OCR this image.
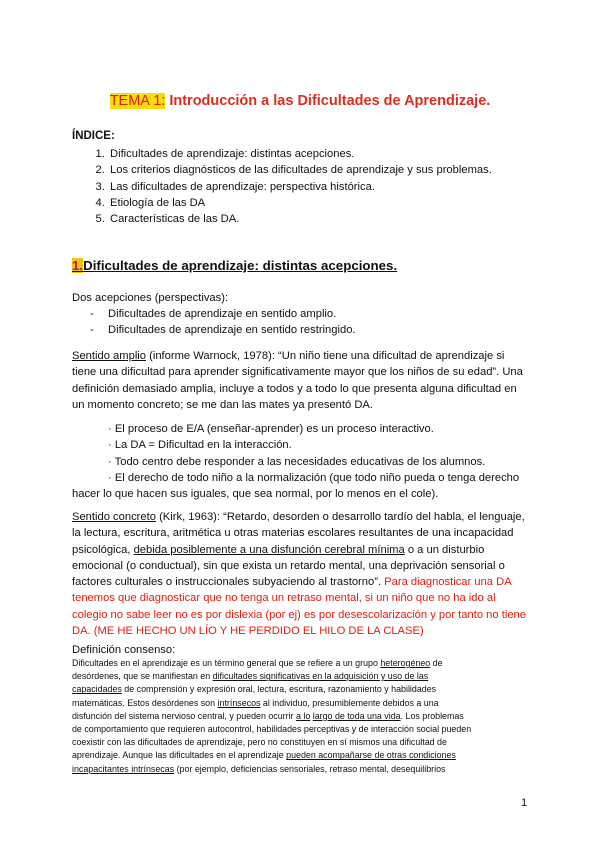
TEMA 1: Introducción a las Dificultades de Aprendizaje.
ÍNDICE:
1. Dificultades de aprendizaje: distintas acepciones.
2. Los criterios diagnósticos de las dificultades de aprendizaje y sus problemas.
3. Las dificultades de aprendizaje: perspectiva histórica.
4. Etiología de las DA
5. Características de las DA.
1.Dificultades de aprendizaje: distintas acepciones.
Dos acepciones (perspectivas):
- Dificultades de aprendizaje en sentido amplio.
- Dificultades de aprendizaje en sentido restringido.
Sentido amplio (informe Warnock, 1978): “Un niño tiene una dificultad de aprendizaje si
tiene una dificultad para aprender significativamente mayor que los niños de su edad”. Una
definición demasiado amplia, incluye a todos y a todo lo que presenta alguna dificultad en
un momento concreto; se me dan las mates ya presentó DA.
· El proceso de E/A (enseñar-aprender) es un proceso interactivo.
· La DA = Dificultad en la interacción.
· Todo centro debe responder a las necesidades educativas de los alumnos.
· El derecho de todo niño a la normalización (que todo niño pueda o tenga derecho
hacer lo que hacen sus iguales, que sea normal, por lo menos en el cole).
Sentido concreto (Kirk, 1963): “Retardo, desorden o desarrollo tardío del habla, el lenguaje,
la lectura, escritura, aritmética u otras materias escolares resultantes de una incapacidad
psicológica, debida posiblemente a una disfunción cerebral mínima o a un disturbio
emocional (o conductual), sin que exista un retardo mental, una deprivación sensorial o
factores culturales o instruccionales subyaciendo al trastorno”. Para diagnosticar una DA
tenemos que diagnosticar que no tenga un retraso mental, si un niño que no ha ido al
colegio no sabe leer no es por dislexia (por ej) es por desescolarización y por tanto no tiene
DA. (ME HE HECHO UN LÍO Y HE PERDIDO EL HILO DE LA CLASE)
Definición consenso:
Dificultades en el aprendizaje es un término general que se refiere a un grupo heterogéneo de
desórdenes, que se manifiestan en dificultades significativas en la adquisición y uso de las
capacidades de comprensión y expresión oral, lectura, escritura, razonamiento y habilidades
matemáticas. Estos desórdenes son intrínsecos al individuo, presumiblemente debidos a una
disfunción del sistema nervioso central, y pueden ocurrir a lo largo de toda una vida. Los problemas
de comportamiento que requieren autocontrol, habilidades perceptivas y de interacción social pueden
coexistir con las dificultades de aprendizaje, pero no constituyen en sí mismos una dificultad de
aprendizaje. Aunque las dificultades en el aprendizaje pueden acompañarse de otras condiciones
incapacitantes intrínsecas (por ejemplo, deficiencias sensoriales, retraso mental, desequilibrios
1
